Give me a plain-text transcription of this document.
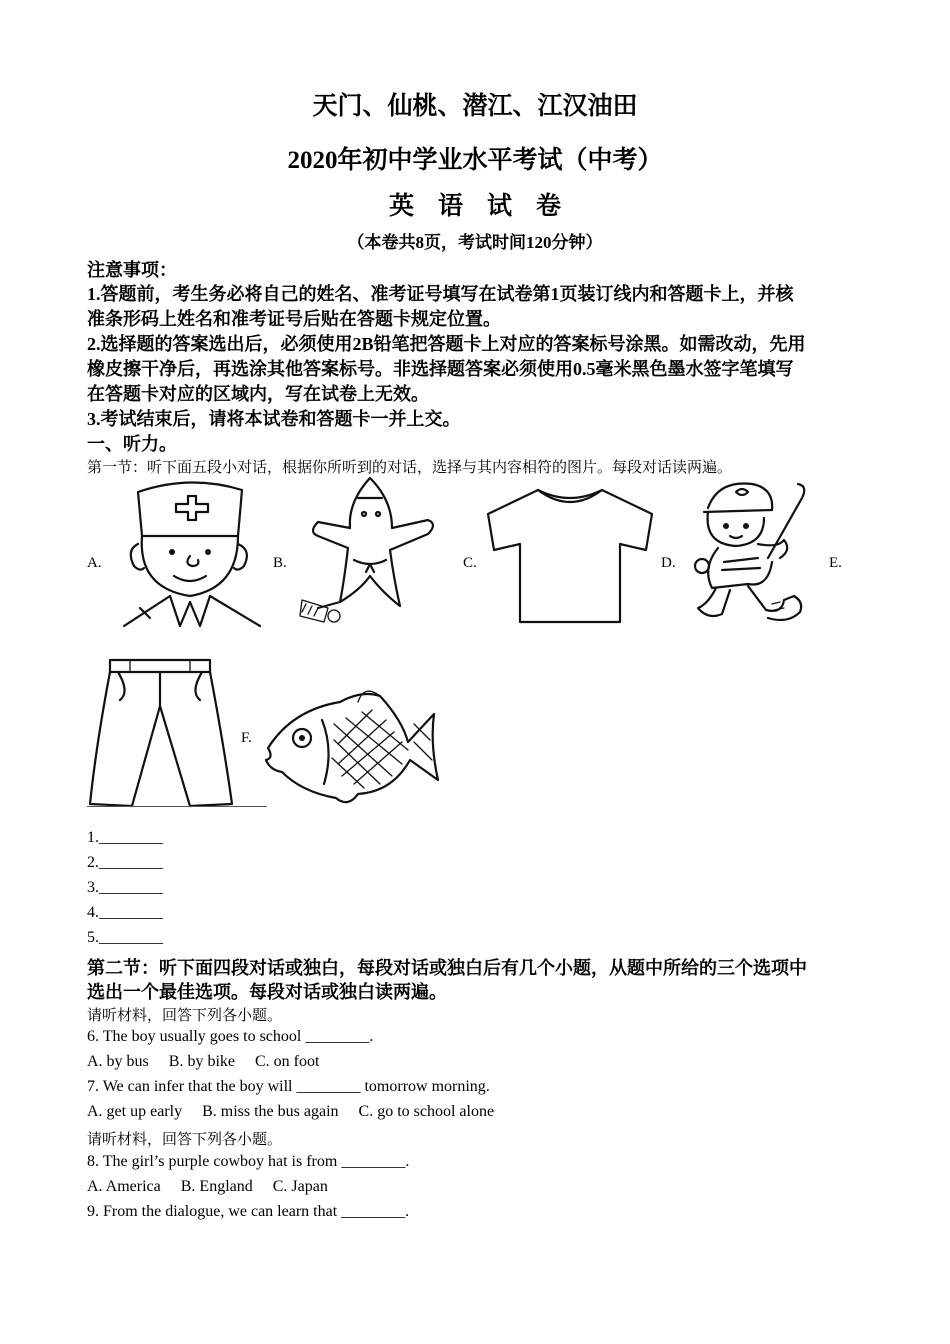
天门、仙桃、潜江、江汉油田
2020年初中学业水平考试（中考）
英语试卷
（本卷共8页，考试时间120分钟）
注意事项：
1.答题前，考生务必将自己的姓名、准考证号填写在试卷第1页装订线内和答题卡上，并核
准条形码上姓名和准考证号后贴在答题卡规定位置。
2.选择题的答案选出后，必须使用2B铅笔把答题卡上对应的答案标号涂黑。如需改动，先用
橡皮擦干净后，再选涂其他答案标号。非选择题答案必须使用0.5毫米黑色墨水签字笔填写
在答题卡对应的区域内，写在试卷上无效。
3.考试结束后，请将本试卷和答题卡一并上交。
一、听力。
第一节：听下面五段小对话，根据你所听到的对话，选择与其内容相符的图片。每段对话读两遍。
A.	B.	C.	D.	E.
F.
1.________
2.________
3.________
4.________
5.________
第二节：听下面四段对话或独白，每段对话或独白后有几个小题，从题中所给的三个选项中
选出一个最佳选项。每段对话或独白读两遍。
请听材料，回答下列各小题。
6. The boy usually goes to school ________.
A. by bus     B. by bike     C. on foot
7. We can infer that the boy will ________ tomorrow morning.
A. get up early     B. miss the bus again     C. go to school alone
请听材料，回答下列各小题。
8. The girl’s purple cowboy hat is from ________.
A. America     B. England     C. Japan
9. From the dialogue, we can learn that ________.
